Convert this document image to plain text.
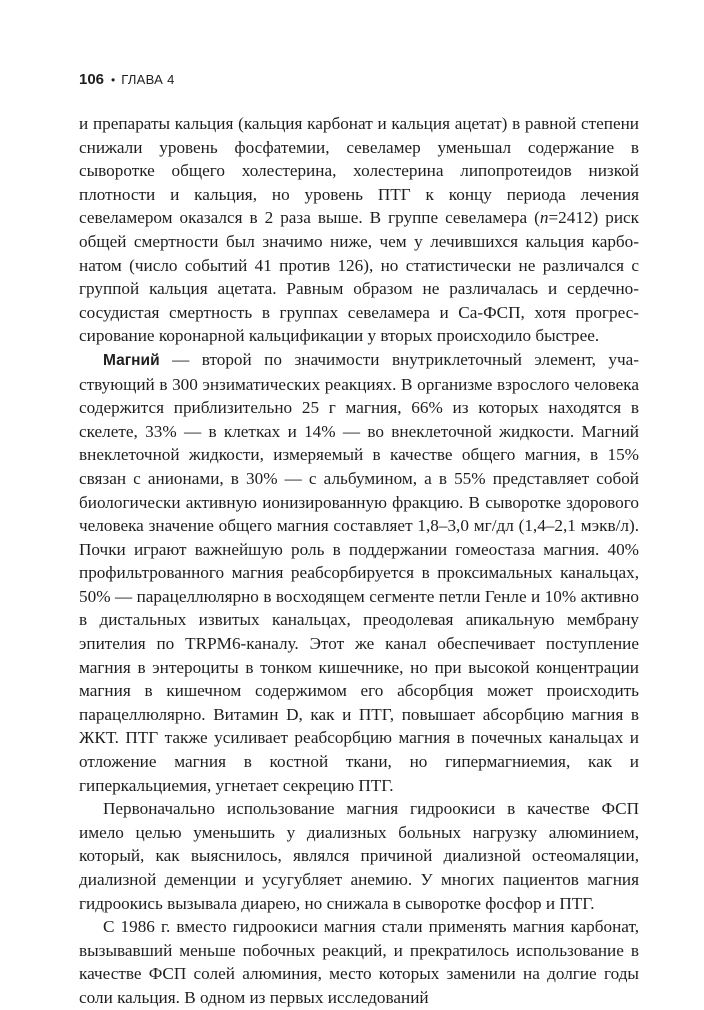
106 • ГЛАВА 4

и препараты кальция (кальция карбонат и кальция ацетат) в равной степени снижали уровень фосфатемии, севеламер уменьшал содержание в сыворотке общего холестерина, холестерина липопротеидов низкой плотности и кальция, но уровень ПТГ к концу периода лечения севеламером оказался в 2 раза выше. В группе севеламера (n=2412) риск общей смертности был значимо ниже, чем у лечившихся кальция карбонатом (число событий 41 против 126), но статистически не различался с группой кальция ацетата. Равным образом не различалась и сердечнососудистая смертность в группах севеламера и Са-ФСП, хотя прогрессирование коронарной кальцификации у вторых происходило быстрее.

Магний — второй по значимости внутриклеточный элемент, участвующий в 300 энзиматических реакциях. В организме взрослого человека содержится приблизительно 25 г магния, 66% из которых находятся в скелете, 33% — в клетках и 14% — во внеклеточной жидкости. Магний внеклеточной жидкости, измеряемый в качестве общего магния, в 15% связан с анионами, в 30% — с альбумином, а в 55% представляет собой биологически активную ионизированную фракцию. В сыворотке здорового человека значение общего магния составляет 1,8–3,0 мг/дл (1,4–2,1 мэкв/л). Почки играют важнейшую роль в поддержании гомеостаза магния. 40% профильтрованного магния реабсорбируется в проксимальных канальцах, 50% — парацеллюлярно в восходящем сегменте петли Генле и 10% активно в дистальных извитых канальцах, преодолевая апикальную мембрану эпителия по TRPM6-каналу. Этот же канал обеспечивает поступление магния в энтероциты в тонком кишечнике, но при высокой концентрации магния в кишечном содержимом его абсорбция может происходить парацеллюлярно. Витамин D, как и ПТГ, повышает абсорбцию магния в ЖКТ. ПТГ также усиливает реабсорбцию магния в почечных канальцах и отложение магния в костной ткани, но гипермагниемия, как и гиперкальциемия, угнетает секрецию ПТГ.

Первоначально использование магния гидроокиси в качестве ФСП имело целью уменьшить у диализных больных нагрузку алюминием, который, как выяснилось, являлся причиной диализной остеомаляции, диализной деменции и усугубляет анемию. У многих пациентов магния гидроокись вызывала диарею, но снижала в сыворотке фосфор и ПТГ.

С 1986 г. вместо гидроокиси магния стали применять магния карбонат, вызывавший меньше побочных реакций, и прекратилось использование в качестве ФСП солей алюминия, место которых заменили на долгие годы соли кальция. В одном из первых исследований
